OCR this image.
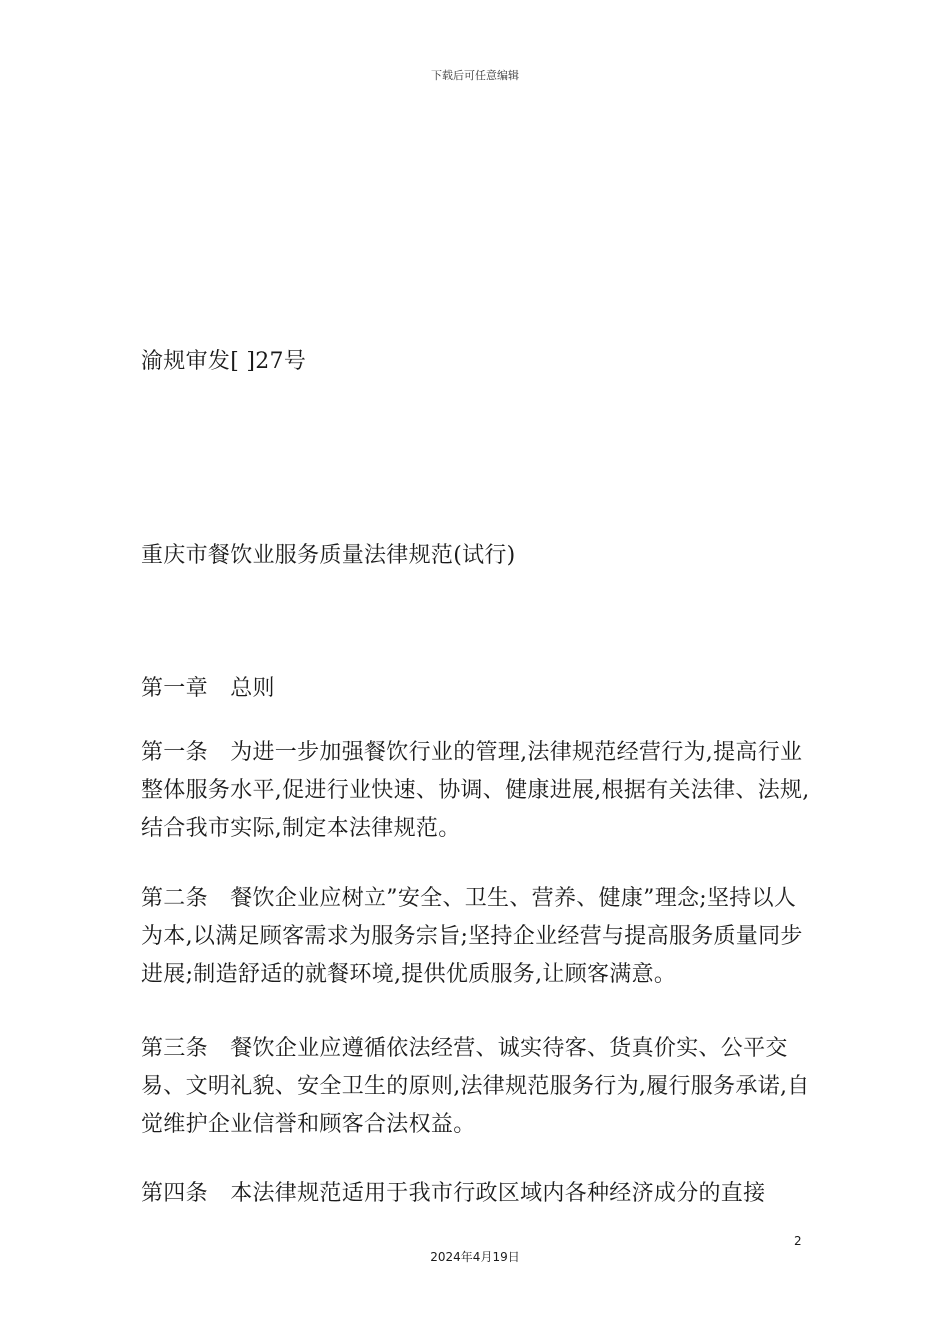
下载后可任意编辑

渝规审发[ ]27号

重庆市餐饮业服务质量法律规范(试行)

第一章　总则

第一条　为进一步加强餐饮行业的管理,法律规范经营行为,提高行业整体服务水平,促进行业快速、协调、健康进展,根据有关法律、法规,结合我市实际,制定本法律规范。

第二条　餐饮企业应树立”安全、卫生、营养、健康”理念;坚持以人为本,以满足顾客需求为服务宗旨;坚持企业经营与提高服务质量同步进展;制造舒适的就餐环境,提供优质服务,让顾客满意。

第三条　餐饮企业应遵循依法经营、诚实待客、货真价实、公平交易、文明礼貌、安全卫生的原则,法律规范服务行为,履行服务承诺,自觉维护企业信誉和顾客合法权益。

第四条　本法律规范适用于我市行政区域内各种经济成分的直接

2
2024年4月19日
